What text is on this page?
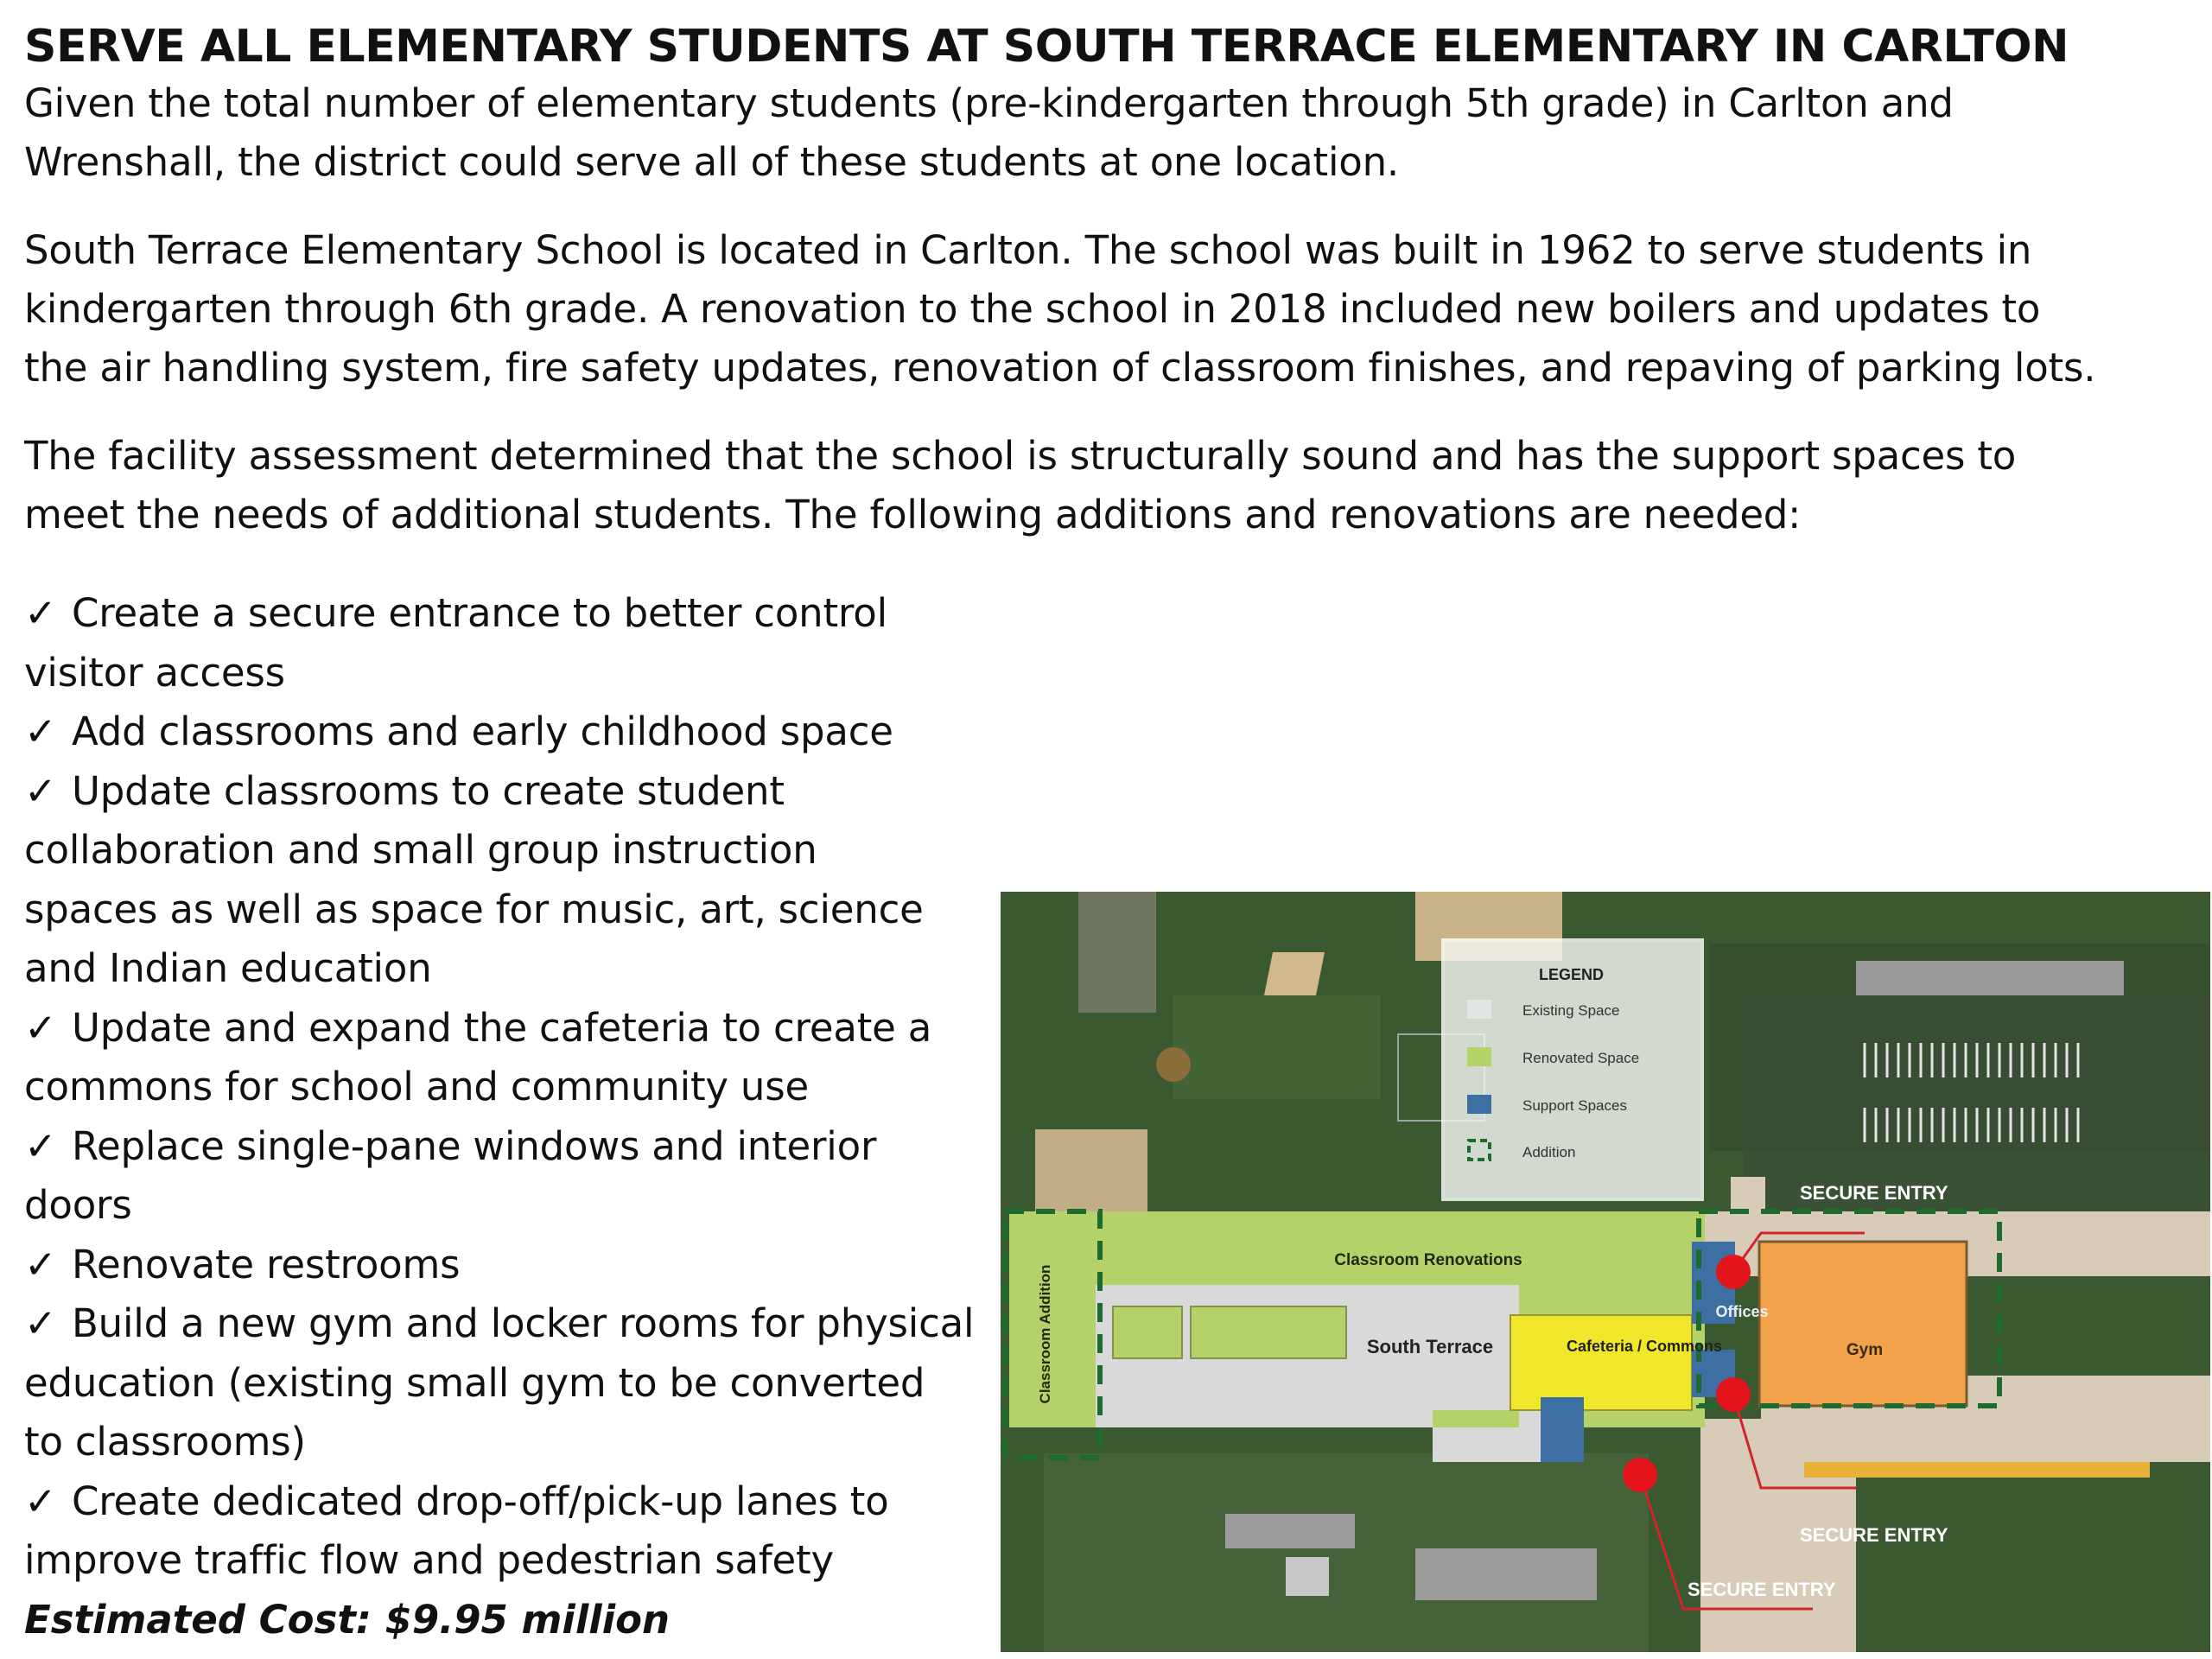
SERVE ALL ELEMENTARY STUDENTS AT SOUTH TERRACE ELEMENTARY IN CARLTON
Given the total number of elementary students (pre-kindergarten through 5th grade) in Carlton and
Wrenshall, the district could serve all of these students at one location.
South Terrace Elementary School is located in Carlton. The school was built in 1962 to serve students in
kindergarten through 6th grade. A renovation to the school in 2018 included new boilers and updates to
the air handling system, fire safety updates, renovation of classroom finishes, and repaving of parking lots.
The facility assessment determined that the school is structurally sound and has the support spaces to
meet the needs of additional students. The following additions and renovations are needed:
✓ Create a secure entrance to better control visitor access
✓ Add classrooms and early childhood space
✓ Update classrooms to create student
collaboration and small group instruction
spaces as well as space for music, art, science
and Indian education
✓ Update and expand the cafeteria to create a
commons for school and community use
✓ Replace single-pane windows and interior
doors
✓ Renovate restrooms
✓ Build a new gym and locker rooms for physical
education (existing small gym to be converted
to classrooms)
✓ Create dedicated drop-off/pick-up lanes to
improve traffic flow and pedestrian safety
Estimated Cost: $9.95 million
Classroom Renovations
Classroom Addition	South Terrace	Cafeteria / Commons
Offices
Gym
SECURE ENTRY
SECURE ENTRY
SECURE ENTRY
LEGEND
Existing Space
Renovated Space
Support Spaces
Addition
